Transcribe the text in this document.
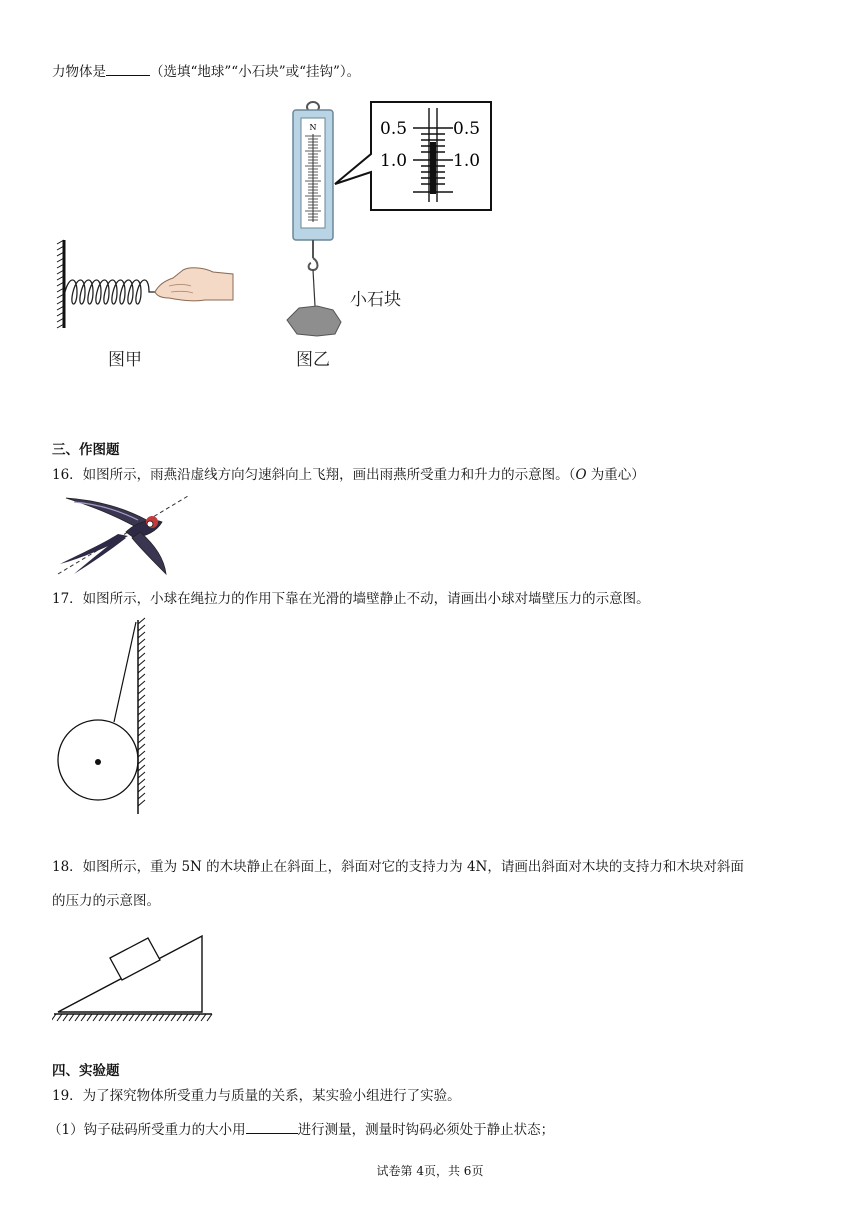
力物体是	（选填“地球”“小石块”或“挂钩”）。
图甲
N	0.5	0.5
1.0	1.0
小石块
图乙
三、作图题
16．如图所示，雨燕沿虚线方向匀速斜向上飞翔，画出雨燕所受重力和升力的示意图。（O 为重心）
17．如图所示，小球在绳拉力的作用下靠在光滑的墙壁静止不动，请画出小球对墙壁压力的示意图。
18．如图所示，重为 5N 的木块静止在斜面上，斜面对它的支持力为 4N，请画出斜面对木块的支持力和木块对斜面
的压力的示意图。
四、实验题
19．为了探究物体所受重力与质量的关系，某实验小组进行了实验。
（1）钩子砝码所受重力的大小用	进行测量，测量时钩码必须处于静止状态；
试卷第 4页，共 6页
